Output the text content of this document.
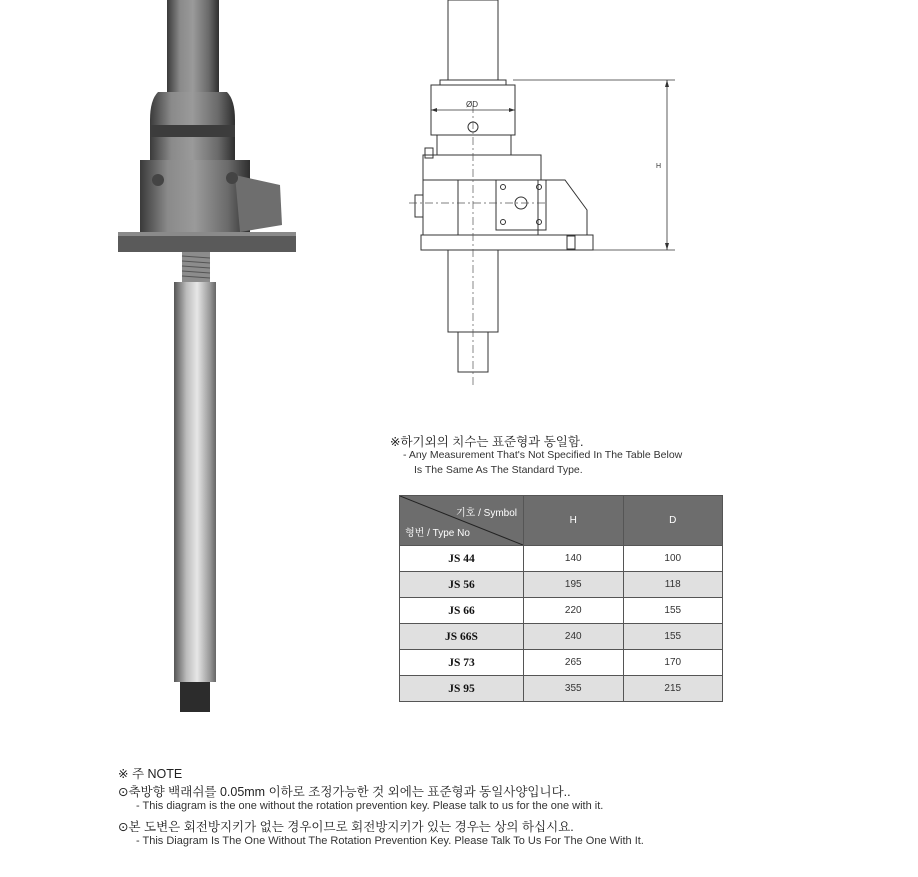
ØD
H
※하기외의 치수는 표준형과 동일함.
- Any Measurement That's Not Specified In The Table Below
Is The Same As The Standard Type.
기호 / Symbol
형번 / Type No	H	D
JS 44	140	100
JS 56	195	118
JS 66	220	155
JS 66S	240	155
JS 73	265	170
JS 95	355	215
※ 주 NOTE
⊙축방향 백래쉬를 0.05mm 이하로 조정가능한 것 외에는 표준형과 동일사양입니다..
- This diagram is the one without the rotation prevention key. Please talk to us for the one with it.
⊙본 도변은 회전방지키가 없는 경우이므로 회전방지키가 있는 경우는 상의 하십시요.
- This Diagram Is The One Without The Rotation Prevention Key. Please Talk To Us For The One With It.
